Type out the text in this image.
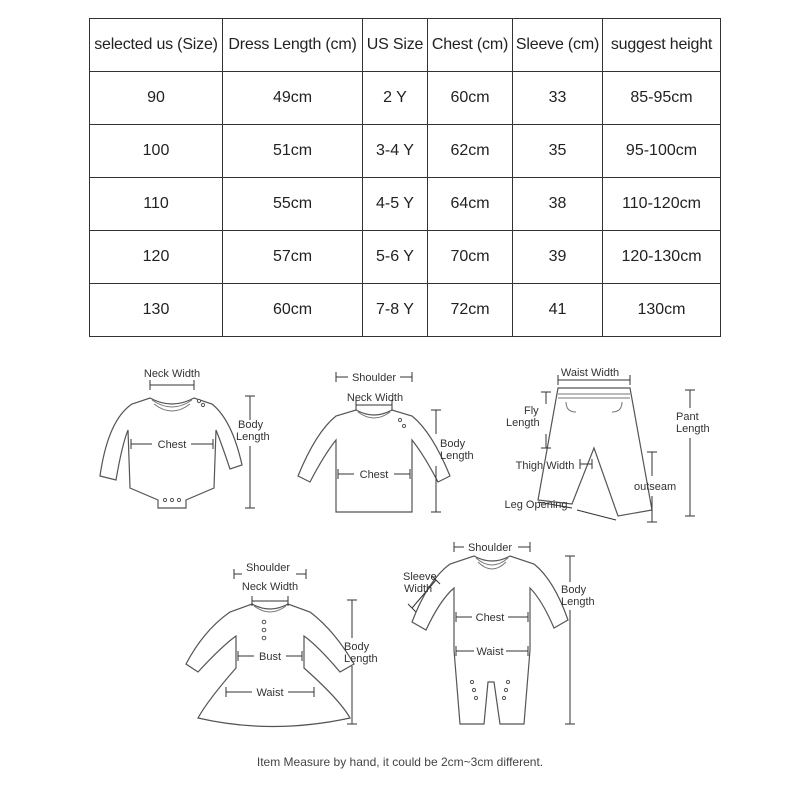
selected us (Size)	Dress Length (cm)	US Size	Chest (cm)	Sleeve (cm)	suggest height
90	49cm	2 Y	60cm	33	85-95cm
100	51cm	3-4 Y	62cm	35	95-100cm
110	55cm	4-5 Y	64cm	38	110-120cm
120	57cm	5-6 Y	70cm	39	120-130cm
130	60cm	7-8 Y	72cm	41	130cm
Neck Width
Chest
Body
Length
Shoulder
Neck Width
Chest
Body
Length
Waist Width
Fly
Length	Pant
Length
Thigh Width
outseam
Leg Opening
Shoulder
Neck Width
Bust
Waist
Body
Length
Shoulder
Sleeve
Width
Chest
Waist
Body
Length
Item Measure by hand, it could be 2cm~3cm different.
